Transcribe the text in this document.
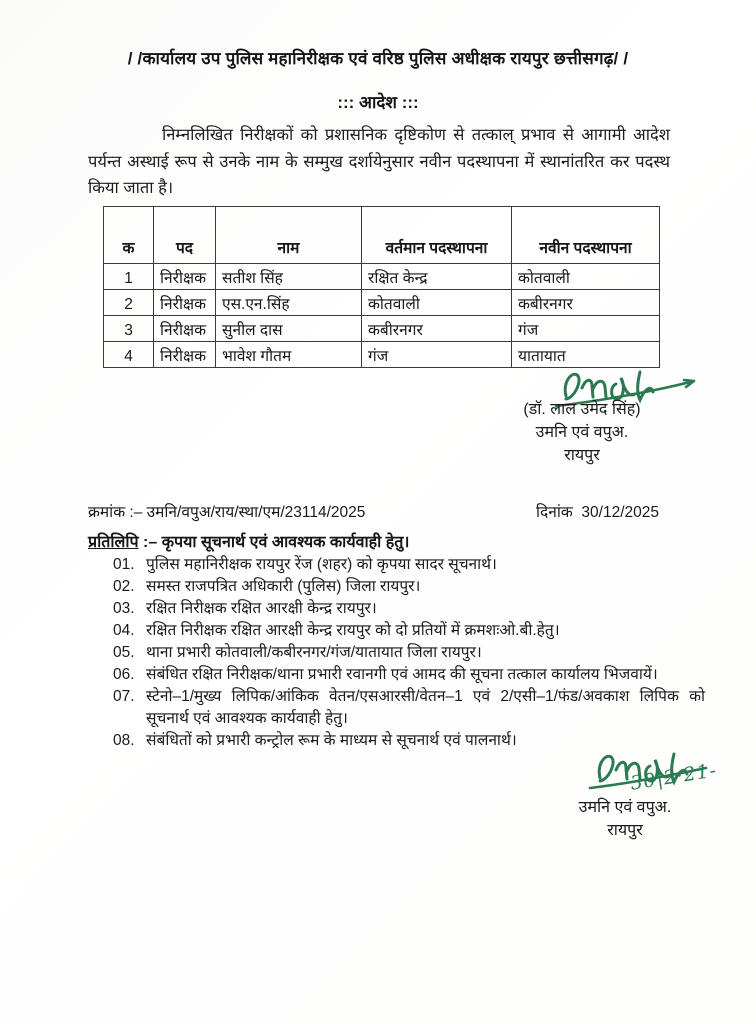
/ /कार्यालय उप पुलिस महानिरीक्षक एवं वरिष्ठ पुलिस अधीक्षक रायपुर छत्तीसगढ़/ /
::: आदेश :::

निम्नलिखित निरीक्षकों को प्रशासनिक दृष्टिकोण से तत्काल् प्रभाव से आगामी आदेश पर्यन्त अस्थाई रूप से उनके नाम के सम्मुख दर्शायेनुसार नवीन पदस्थापना में स्थानांतरित कर पदस्थ किया जाता है।

क	पद	नाम	वर्तमान पदस्थापना	नवीन पदस्थापना
1	निरीक्षक	सतीश सिंह	रक्षित केन्द्र	कोतवाली
2	निरीक्षक	एस.एन.सिंह	कोतवाली	कबीरनगर
3	निरीक्षक	सुनील दास	कबीरनगर	गंज
4	निरीक्षक	भावेश गौतम	गंज	यातायात
(डॉ. लाल उमेद सिंह)
उमनि एवं वपुअ.
रायपुर
क्रमांक :– उमनि/वपुअ/राय/स्था/एम/23114/2025	दिनांक 30/12/2025
प्रतिलिपि :– कृपया सूचनार्थ एवं आवश्यक कार्यवाही हेतु।
01. पुलिस महानिरीक्षक रायपुर रेंज (शहर) को कृपया सादर सूचनार्थ।
02. समस्त राजपत्रित अधिकारी (पुलिस) जिला रायपुर।
03. रक्षित निरीक्षक रक्षित आरक्षी केन्द्र रायपुर।
04. रक्षित निरीक्षक रक्षित आरक्षी केन्द्र रायपुर को दो प्रतियों में क्रमशःओ.बी.हेतु।
05. थाना प्रभारी कोतवाली/कबीरनगर/गंज/यातायात जिला रायपुर।
06. संबंधित रक्षित निरीक्षक/थाना प्रभारी रवानगी एवं आमद की सूचना तत्काल कार्यालय भिजवायें।
07. स्टेनो–1/मुख्य लिपिक/आंकिक वेतन/एसआरसी/वेतन–1 एवं 2/एसी–1/फंड/अवकाश लिपिक को सूचनार्थ एवं आवश्यक कार्यवाही हेतु।
08. संबंधितों को प्रभारी कन्ट्रोल रूम के माध्यम से सूचनार्थ एवं पालनार्थ।
30|2·21-
उमनि एवं वपुअ.
रायपुर
